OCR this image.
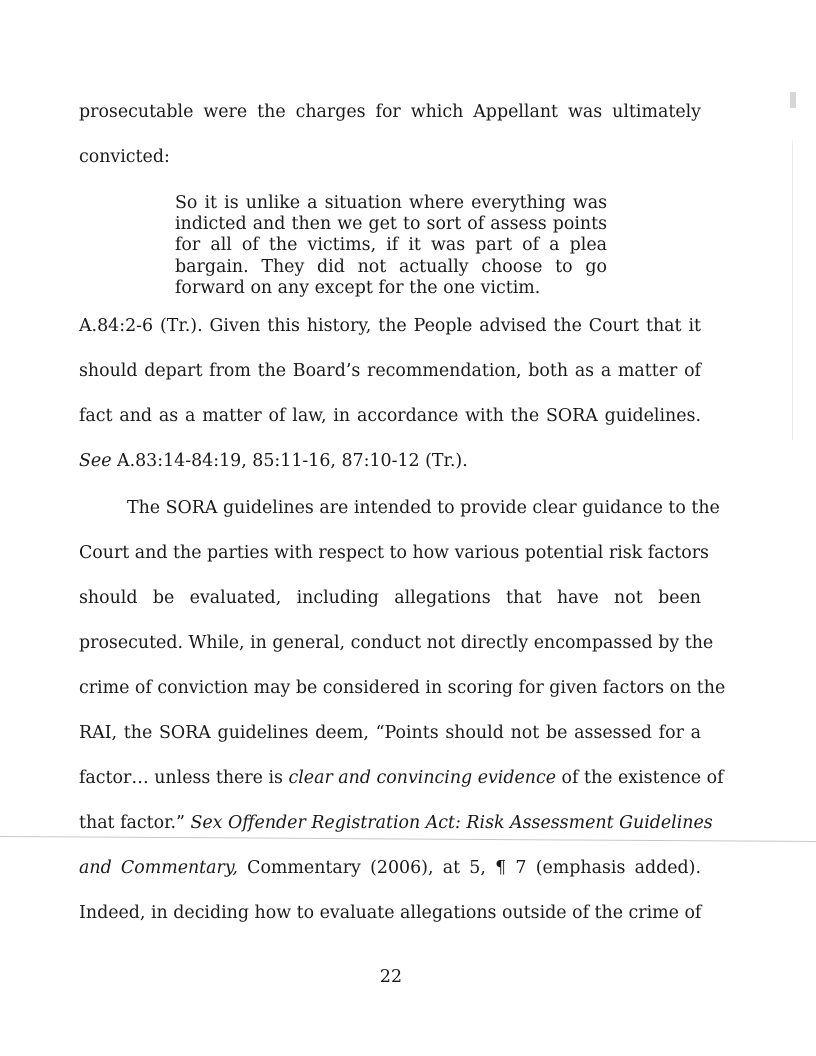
prosecutable were the charges for which Appellant was ultimately
convicted:
So it is unlike a situation where everything was
indicted and then we get to sort of assess points
for all of the victims, if it was part of a plea
bargain. They did not actually choose to go
forward on any except for the one victim.
A.84:2-6 (Tr.). Given this history, the People advised the Court that it
should depart from the Board’s recommendation, both as a matter of
fact and as a matter of law, in accordance with the SORA guidelines.
See A.83:14-84:19, 85:11-16, 87:10-12 (Tr.).
The SORA guidelines are intended to provide clear guidance to the
Court and the parties with respect to how various potential risk factors
should be evaluated, including allegations that have not been
prosecuted. While, in general, conduct not directly encompassed by the
crime of conviction may be considered in scoring for given factors on the
RAI, the SORA guidelines deem, “Points should not be assessed for a
factor… unless there is clear and convincing evidence of the existence of
that factor.” Sex Offender Registration Act: Risk Assessment Guidelines
and Commentary, Commentary (2006), at 5, ¶ 7 (emphasis added).
Indeed, in deciding how to evaluate allegations outside of the crime of
22
